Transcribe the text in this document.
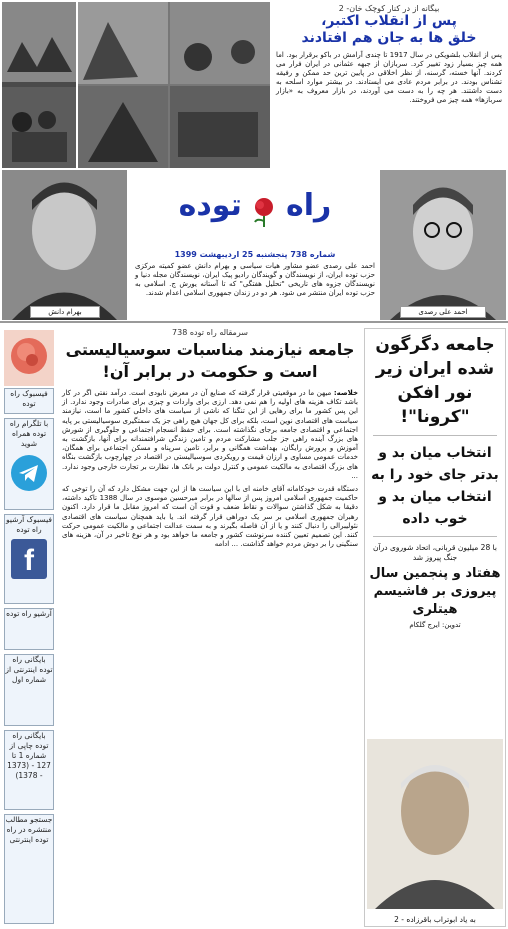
بیگانه از در کنار کوچک خان- 2
پس از انقلاب اکتبر،
خلق ها به جان هم افتادند
پس از انقلاب بلشویکی در سال 1917 تا چندی آرامش در باکو برقرار بود. اما همه چیز بسیار زود تغییر کرد. سربازان از جبهه عثمانی در ایران فرار می کردند. آنها خسته، گرسنه، از نظر اخلاقی در پایین ترین حد ممکن و رفیقه تشناس بودند. در برابر مردم عادی می ایستادند. در بیشتر موارد اسلحه به دست داشتند. هر چه را به دست می آوردند، در بازار معروف به «بازار سربازها» همه چیز می فروختند.
بهرام دانش
راه  توده
شماره 738 پنجشنبه 25 اردیبهشت 1399
احمد علی رصدی عضو مشاور هیات سیاسی و بهرام دانش عضو کمیته مرکزی حزب توده ایران، از نویسندگان و گویندگان رادیو پیک ایران، نویسندگان مجله دنیا و نویسندگان جزوه های تاریخی "تحلیل هفتگی" که تا آستانه یورش ج. اسلامی به حزب توده ایران منتشر می شود. هر دو در زندان جمهوری اسلامی اعدام شدند.
احمد علی رصدی
فیسبوک راه توده
با تلگرام راه توده همراه شوید
فیسبوک آرشیو راه توده
f
آرشیو راه توده
بایگانی راه توده اینترنتی از شماره اول
بایگانی راه توده چاپی از شماره 1 تا 127 - (1373 - 1378)
جستجو مطالب منتشره در راه توده اینترنتی
سرمقاله راه توده 738
جامعه نیازمند مناسبات سوسیالیستی است و حکومت در برابر آن!
خلاصه: میهن ما در موقعیتی قرار گرفته که صنایع آن در معرض نابودی است. درآمد نفتی اگر در کار باشد تکاف هزینه های اولیه را هم نمی دهد. ارزی برای واردات و چیزی برای صادرات وجود ندارد. از این پس کشور ما برای رهایی از این تنگنا که ناشی از سیاست های داخلی کشور ما است، نیازمند سیاست های اقتصادی نوین است، بلکه برای کل جهان هیچ راهی جز یک سمتگیری سوسیالیستی بر پایه اجتماعی و اقتصادی جامعه برجای نگذاشته است. برای حفظ انسجام اجتماعی و جلوگیری از شورش های بزرگ آینده راهی جز جلب مشارکت مردم و تامین زندگی شرافتمندانه برای آنها، بازگشت به آموزش و پرورش رایگان، بهداشت همگانی و برابر، تامین سرپناه و مسکن اجتماعی برای همگان، خدمات عمومی مساوی و ارزان قیمت و رویکردی سوسیالیستی در اقتصاد در چهارچوب بازگشت بنگاه های بزرگ اقتصادی به مالکیت عمومی و کنترل دولت بر بانک ها، نظارت بر تجارت خارجی وجود ندارد. ...
دستگاه قدرت خودکامانه آقای خامنه ای با این سیاست ها از این جهت مشکل دارد که آن را توخی که حاکمیت جمهوری اسلامی امروز پس از سالها در برابر میرحسین موسوی در سال 1388 تاکید داشته، دقیقا به شکل گذاشتن سوالات و نقاط ضعف و قوت آن است که امروز مقابل ما قرار دارد. اکنون رهبران جمهوری اسلامی بر سر یک دوراهی قرار گرفته اند. یا باید همچنان سیاست های اقتصادی نئولیبرالی را دنبال کنند و یا از آن فاصله بگیرند و به سمت عدالت اجتماعی و مالکیت عمومی حرکت کنند. این تصمیم تعیین کننده سرنوشت کشور و جامعه ما خواهد بود و هر نوع تاخیر در آن، هزینه های سنگینی را بر دوش مردم خواهد گذاشت. ... ادامه
جامعه دگرگون شده ایران زیر نور افکن "کرونا"!
انتخاب میان بد و بدتر جای خود را به انتخاب میان بد و خوب داده
با 28 میلیون قربانی، اتحاد شوروی درآن جنگ پیروز شد
هفتاد و پنجمین سال پیروزی بر فاشیسم هیتلری
تدوین: ایرج گلکام
به یاد ابوتراب باقرزاده - 2
